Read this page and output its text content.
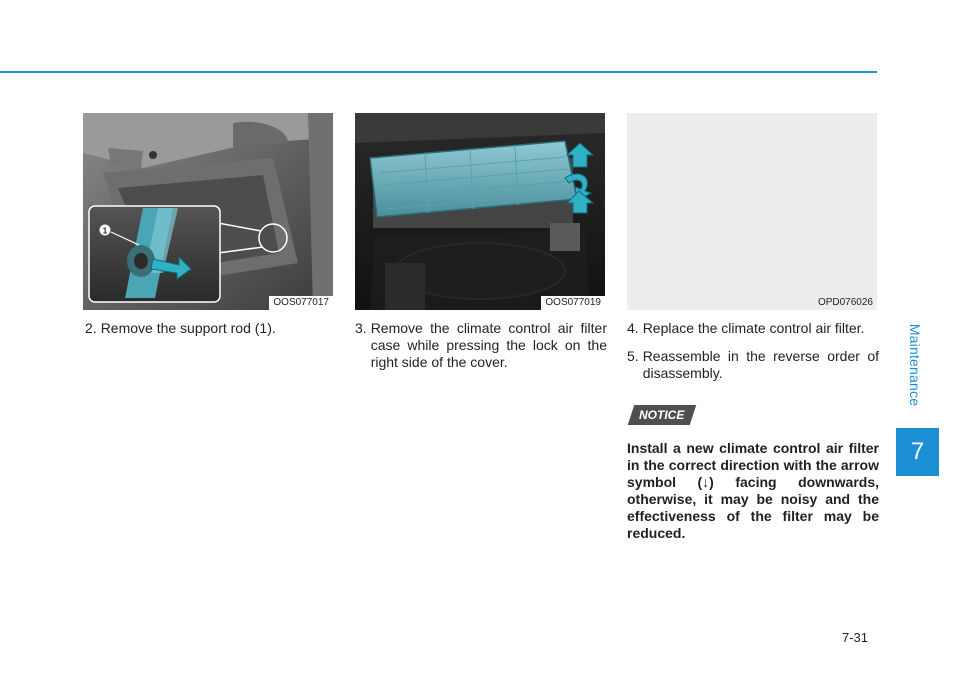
Maintenance
7
1
OOS077017	OOS077019	OPD076026
2. Remove the support rod (1).	3. Remove the climate control air filter case while pressing the lock on the right side of the cover.
4. Replace the climate control air filter.
5. Reassemble in the reverse order of disassembly.
NOTICE
Install a new climate control air filter in the correct direction with the arrow symbol (↓) facing downwards, otherwise, it may be noisy and the effectiveness of the filter may be reduced.
7-31
